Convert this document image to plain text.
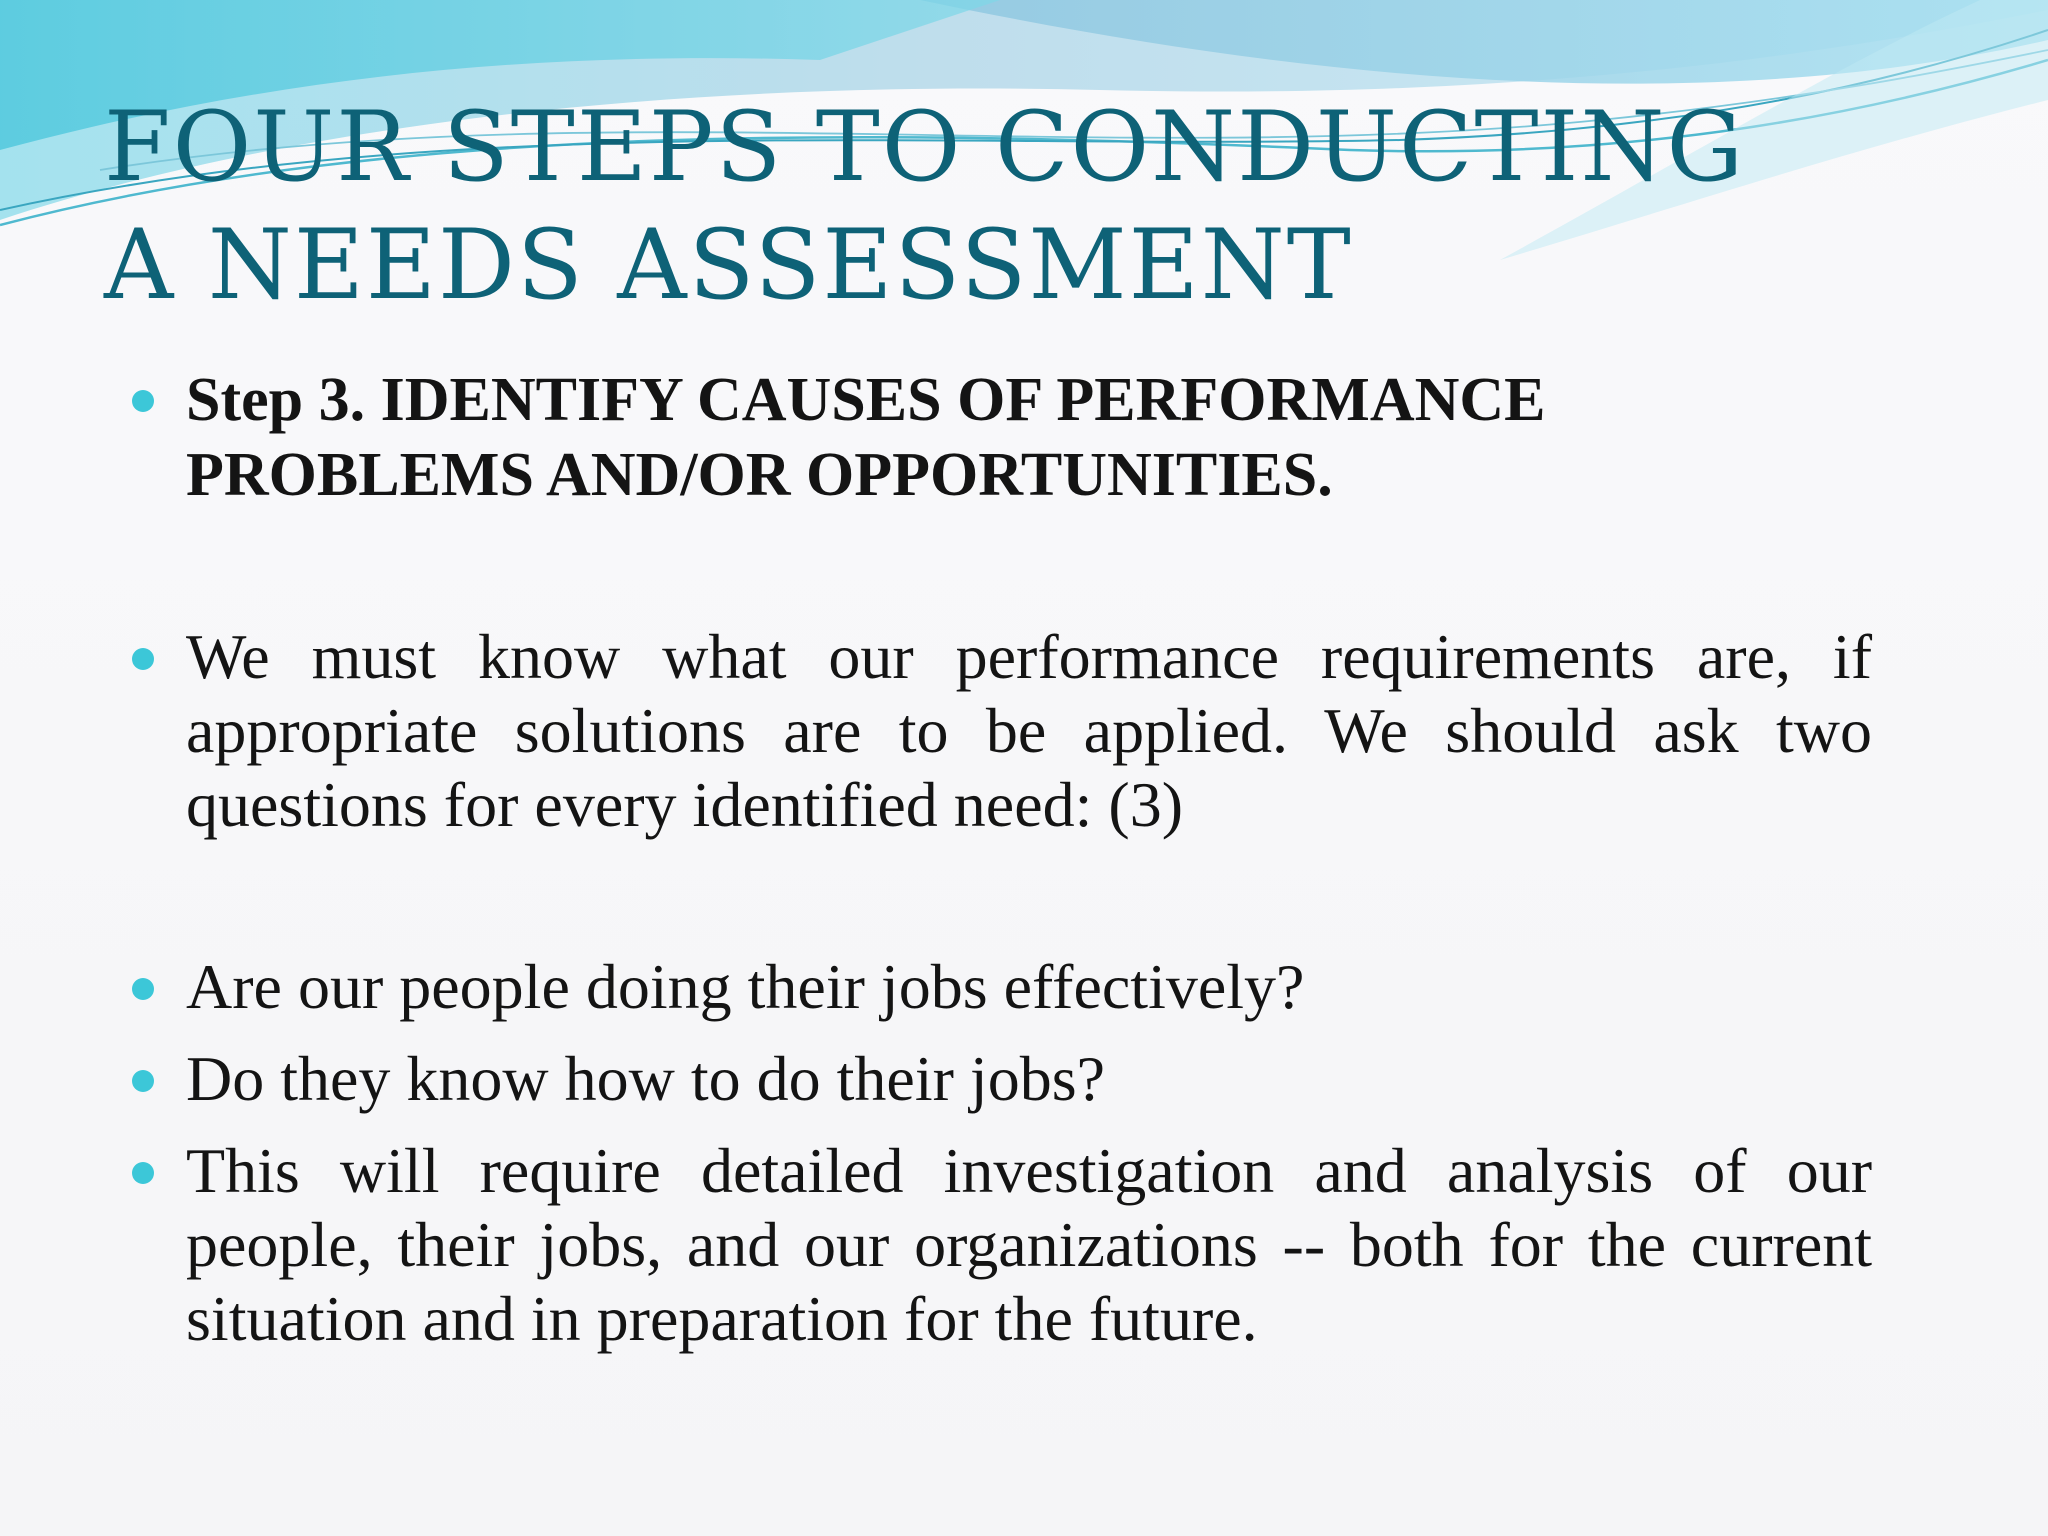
FOUR STEPS TO CONDUCTING A NEEDS ASSESSMENT
Step 3. IDENTIFY CAUSES OF PERFORMANCE PROBLEMS AND/OR OPPORTUNITIES.
We must know what our performance requirements are, if appropriate solutions are to be applied. We should ask two questions for every identified need: (3)
Are our people doing their jobs effectively?
Do they know how to do their jobs?
This will require detailed investigation and analysis of our people, their jobs, and our organizations -- both for the current situation and in preparation for the future.
